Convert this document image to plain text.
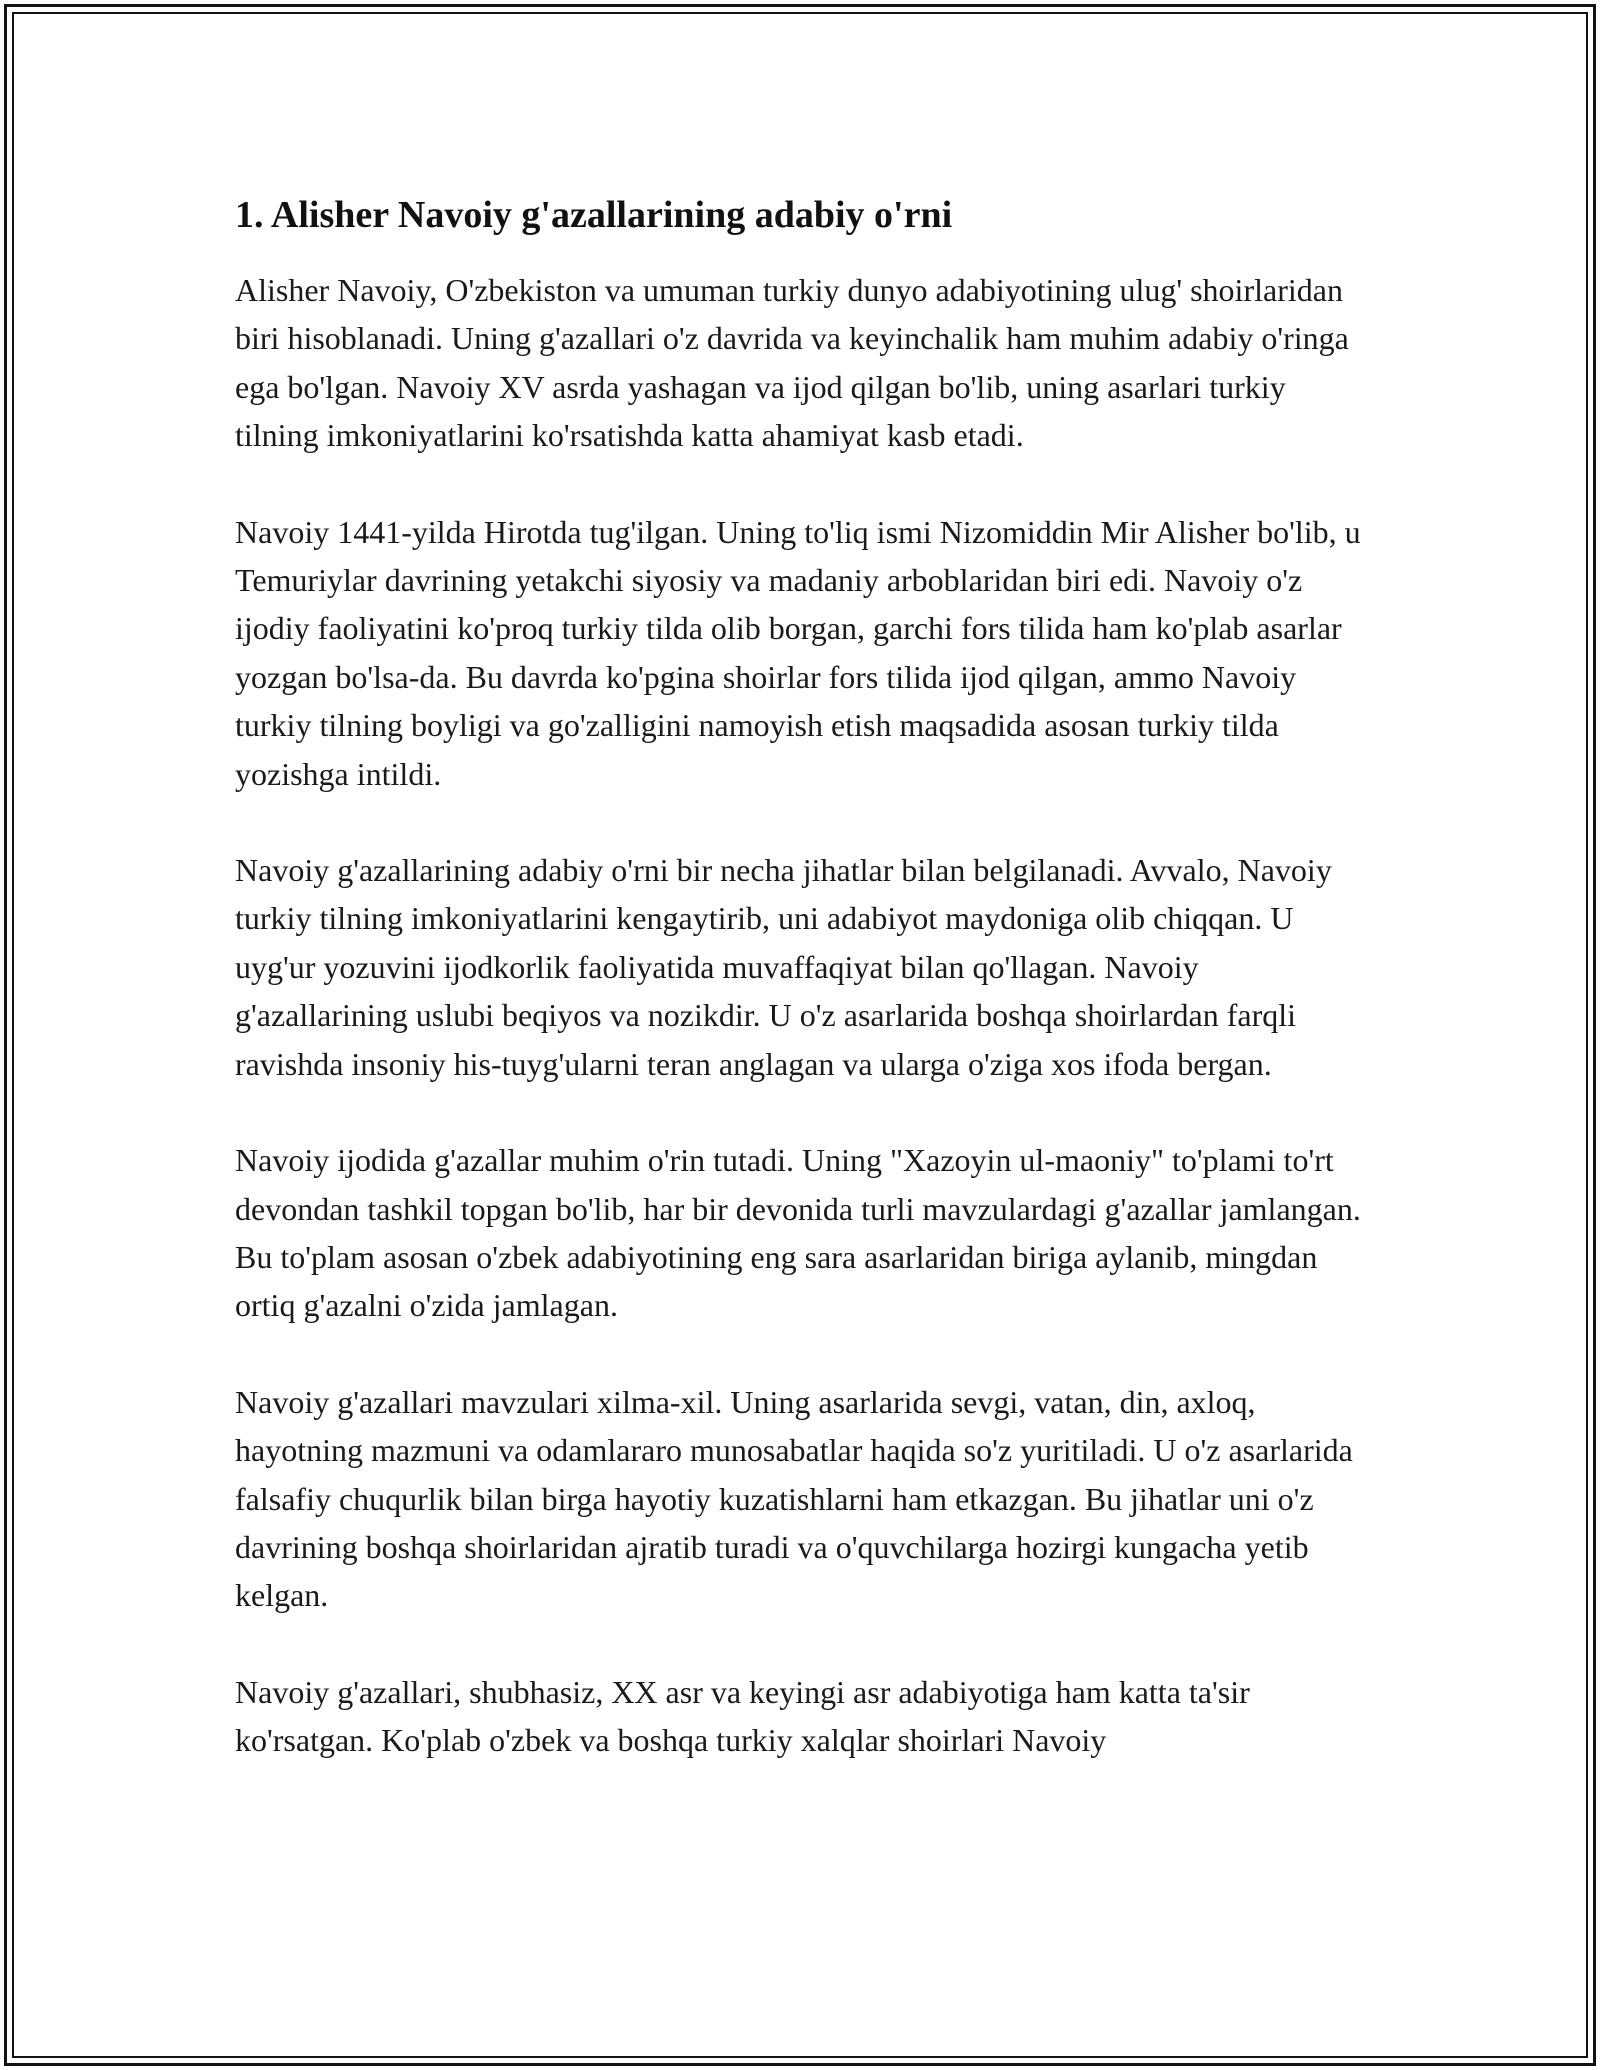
1. Alisher Navoiy g'azallarining adabiy o'rni

Alisher Navoiy, O'zbekiston va umuman turkiy dunyo adabiyotining ulug' shoirlaridan biri hisoblanadi. Uning g'azallari o'z davrida va keyinchalik ham muhim adabiy o'ringa ega bo'lgan. Navoiy XV asrda yashagan va ijod qilgan bo'lib, uning asarlari turkiy tilning imkoniyatlarini ko'rsatishda katta ahamiyat kasb etadi.

Navoiy 1441-yilda Hirotda tug'ilgan. Uning to'liq ismi Nizomiddin Mir Alisher bo'lib, u Temuriylar davrining yetakchi siyosiy va madaniy arboblaridan biri edi. Navoiy o'z ijodiy faoliyatini ko'proq turkiy tilda olib borgan, garchi fors tilida ham ko'plab asarlar yozgan bo'lsa-da. Bu davrda ko'pgina shoirlar fors tilida ijod qilgan, ammo Navoiy turkiy tilning boyligi va go'zalligini namoyish etish maqsadida asosan turkiy tilda yozishga intildi.

Navoiy g'azallarining adabiy o'rni bir necha jihatlar bilan belgilanadi. Avvalo, Navoiy turkiy tilning imkoniyatlarini kengaytirib, uni adabiyot maydoniga olib chiqqan. U uyg'ur yozuvini ijodkorlik faoliyatida muvaffaqiyat bilan qo'llagan. Navoiy g'azallarining uslubi beqiyos va nozikdir. U o'z asarlarida boshqa shoirlardan farqli ravishda insoniy his-tuyg'ularni teran anglagan va ularga o'ziga xos ifoda bergan.

Navoiy ijodida g'azallar muhim o'rin tutadi. Uning "Xazoyin ul-maoniy" to'plami to'rt devondan tashkil topgan bo'lib, har bir devonida turli mavzulardagi g'azallar jamlangan. Bu to'plam asosan o'zbek adabiyotining eng sara asarlaridan biriga aylanib, mingdan ortiq g'azalni o'zida jamlagan.

Navoiy g'azallari mavzulari xilma-xil. Uning asarlarida sevgi, vatan, din, axloq, hayotning mazmuni va odamlararo munosabatlar haqida so'z yuritiladi. U o'z asarlarida falsafiy chuqurlik bilan birga hayotiy kuzatishlarni ham etkazgan. Bu jihatlar uni o'z davrining boshqa shoirlaridan ajratib turadi va o'quvchilarga hozirgi kungacha yetib kelgan.

Navoiy g'azallari, shubhasiz, XX asr va keyingi asr adabiyotiga ham katta ta'sir ko'rsatgan. Ko'plab o'zbek va boshqa turkiy xalqlar shoirlari Navoiy
